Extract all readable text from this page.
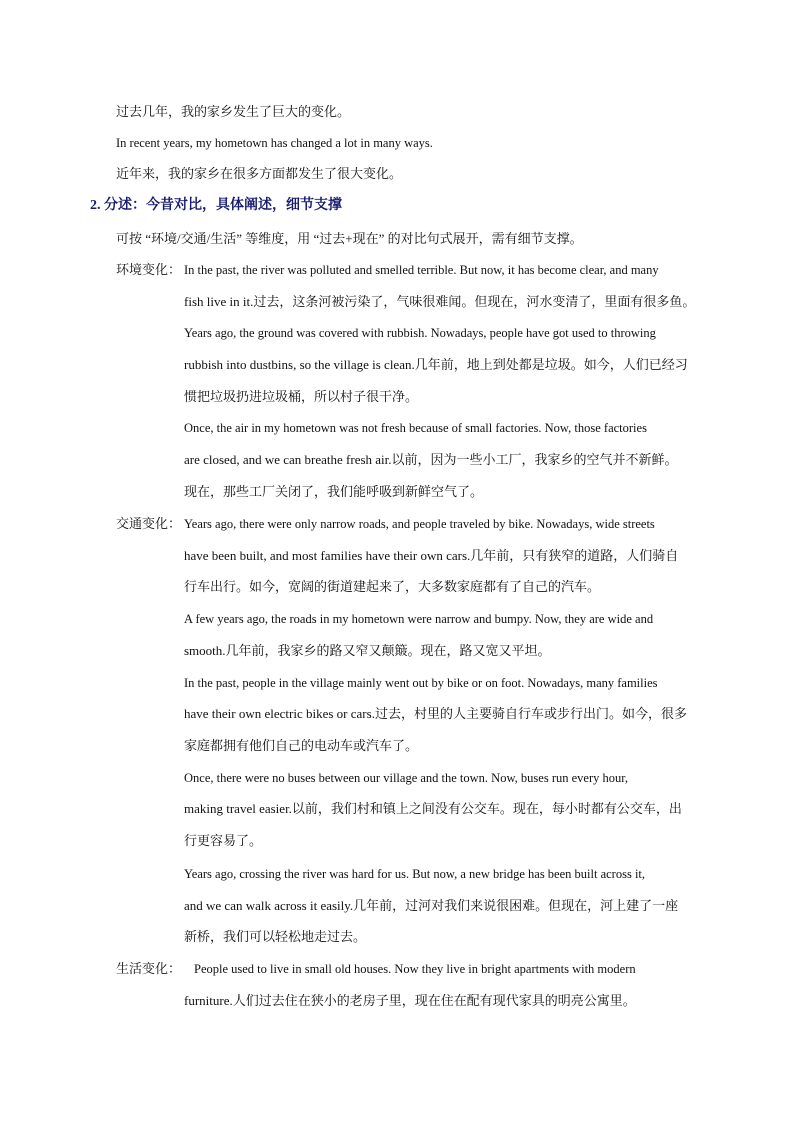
过去几年，我的家乡发生了巨大的变化。
In recent years, my hometown has changed a lot in many ways.
近年来，我的家乡在很多方面都发生了很大变化。
2. 分述：今昔对比，具体阐述，细节支撑
可按 “环境/交通/生活” 等维度，用 “过去+现在” 的对比句式展开，需有细节支撑。
环境变化： In the past, the river was polluted and smelled terrible. But now, it has become clear, and many
fish live in it.过去，这条河被污染了，气味很难闻。但现在，河水变清了，里面有很多鱼。
Years ago, the ground was covered with rubbish. Nowadays, people have got used to throwing
rubbish into dustbins, so the village is clean.几年前，地上到处都是垃圾。如今，人们已经习
惯把垃圾扔进垃圾桶，所以村子很干净。
Once, the air in my hometown was not fresh because of small factories. Now, those factories
are closed, and we can breathe fresh air.以前，因为一些小工厂，我家乡的空气并不新鲜。
现在，那些工厂关闭了，我们能呼吸到新鲜空气了。
交通变化： Years ago, there were only narrow roads, and people traveled by bike. Nowadays, wide streets
have been built, and most families have their own cars.几年前，只有狭窄的道路，人们骑自
行车出行。如今，宽阔的街道建起来了，大多数家庭都有了自己的汽车。
A few years ago, the roads in my hometown were narrow and bumpy. Now, they are wide and
smooth.几年前，我家乡的路又窄又颠簸。现在，路又宽又平坦。
In the past, people in the village mainly went out by bike or on foot. Nowadays, many families
have their own electric bikes or cars.过去，村里的人主要骑自行车或步行出门。如今，很多
家庭都拥有他们自己的电动车或汽车了。
Once, there were no buses between our village and the town. Now, buses run every hour,
making travel easier.以前，我们村和镇上之间没有公交车。现在，每小时都有公交车，出
行更容易了。
Years ago, crossing the river was hard for us. But now, a new bridge has been built across it,
and we can walk across it easily.几年前，过河对我们来说很困难。但现在，河上建了一座
新桥，我们可以轻松地走过去。
生活变化： People used to live in small old houses. Now they live in bright apartments with modern
furniture.人们过去住在狭小的老房子里，现在住在配有现代家具的明亮公寓里。
